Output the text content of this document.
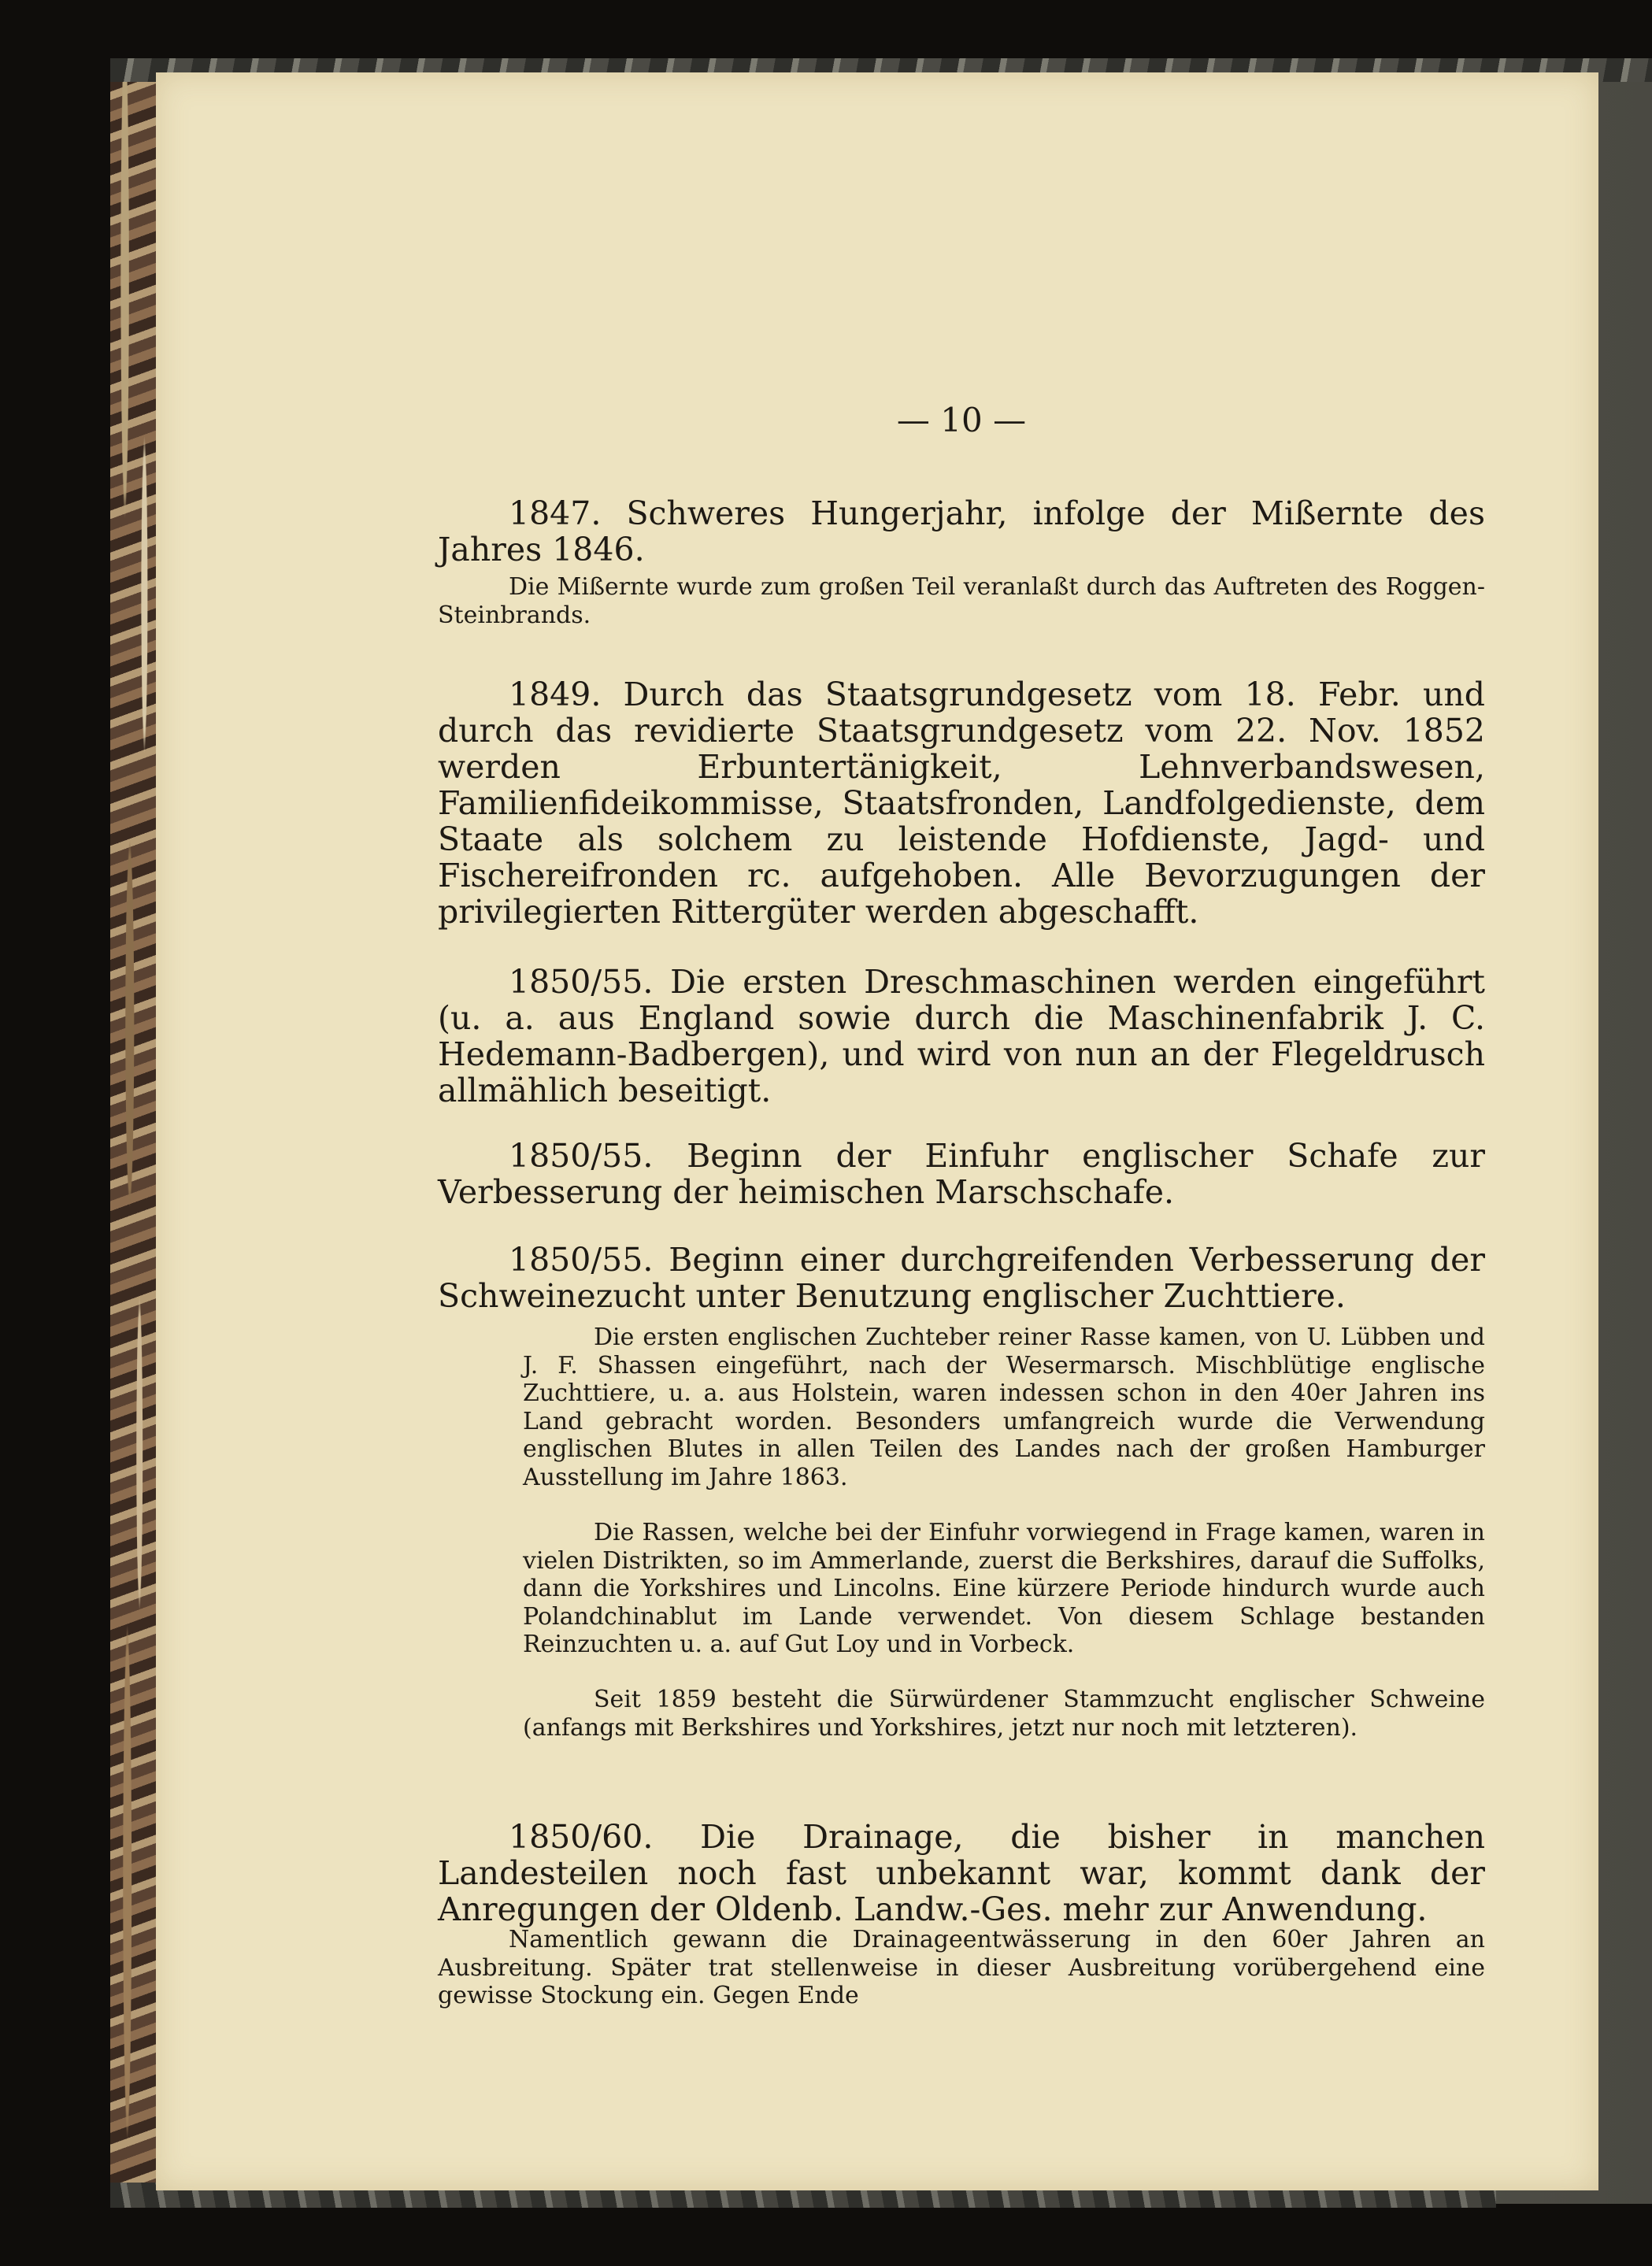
— 10 —

1847. Schweres Hungerjahr, infolge der Mißernte des Jahres 1846.

Die Mißernte wurde zum großen Teil veranlaßt durch das Auftreten des Roggen-Steinbrands.

1849. Durch das Staatsgrundgesetz vom 18. Febr. und durch das revidierte Staatsgrundgesetz vom 22. Nov. 1852 werden Erbuntertänigkeit, Lehnverbandswesen, Familienfideikommisse, Staatsfronden, Landfolgedienste, dem Staate als solchem zu leistende Hofdienste, Jagd- und Fischereifronden rc. aufgehoben. Alle Bevorzugungen der privilegierten Rittergüter werden abgeschafft.

1850/55. Die ersten Dreschmaschinen werden eingeführt (u. a. aus England sowie durch die Maschinenfabrik J. C. Hedemann-Badbergen), und wird von nun an der Flegeldrusch allmählich beseitigt.

1850/55. Beginn der Einfuhr englischer Schafe zur Verbesserung der heimischen Marschschafe.

1850/55. Beginn einer durchgreifenden Verbesserung der Schweinezucht unter Benutzung englischer Zuchttiere.

Die ersten englischen Zuchteber reiner Rasse kamen, von U. Lübben und J. F. Shassen eingeführt, nach der Wesermarsch. Mischblütige englische Zuchttiere, u. a. aus Holstein, waren indessen schon in den 40er Jahren ins Land gebracht worden. Besonders umfangreich wurde die Verwendung englischen Blutes in allen Teilen des Landes nach der großen Hamburger Ausstellung im Jahre 1863.

Die Rassen, welche bei der Einfuhr vorwiegend in Frage kamen, waren in vielen Distrikten, so im Ammerlande, zuerst die Berkshires, darauf die Suffolks, dann die Yorkshires und Lincolns. Eine kürzere Periode hindurch wurde auch Polandchinablut im Lande verwendet. Von diesem Schlage bestanden Reinzuchten u. a. auf Gut Loy und in Vorbeck.

Seit 1859 besteht die Sürwürdener Stammzucht englischer Schweine (anfangs mit Berkshires und Yorkshires, jetzt nur noch mit letzteren).

1850/60. Die Drainage, die bisher in manchen Landesteilen noch fast unbekannt war, kommt dank der Anregungen der Oldenb. Landw.-Ges. mehr zur Anwendung.

Namentlich gewann die Drainageentwässerung in den 60er Jahren an Ausbreitung. Später trat stellenweise in dieser Ausbreitung vorübergehend eine gewisse Stockung ein. Gegen Ende
